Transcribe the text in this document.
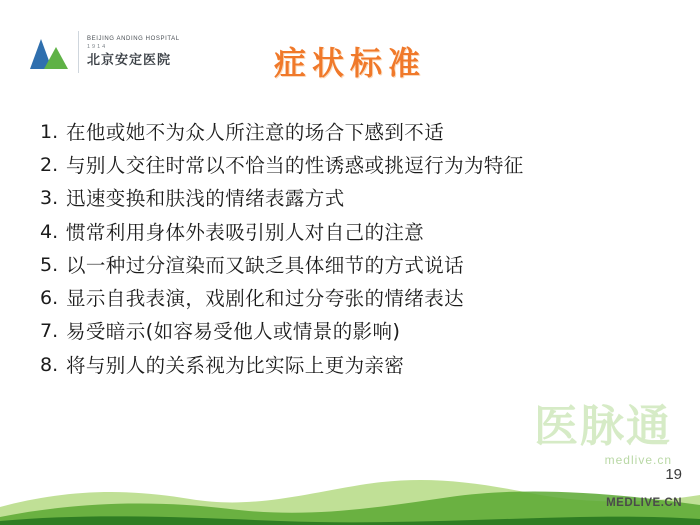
BEIJING ANDING HOSPITAL
1914
北京安定医院	症状标准
医脉通
medlive.cn
1. 在他或她不为众人所注意的场合下感到不适
2. 与别人交往时常以不恰当的性诱惑或挑逗行为为特征
3. 迅速变换和肤浅的情绪表露方式
4. 惯常利用身体外表吸引别人对自己的注意
5. 以一种过分渲染而又缺乏具体细节的方式说话
6. 显示自我表演，戏剧化和过分夸张的情绪表达
7. 易受暗示(如容易受他人或情景的影响)
8. 将与别人的关系视为比实际上更为亲密
19
MEDLIVE.CN
